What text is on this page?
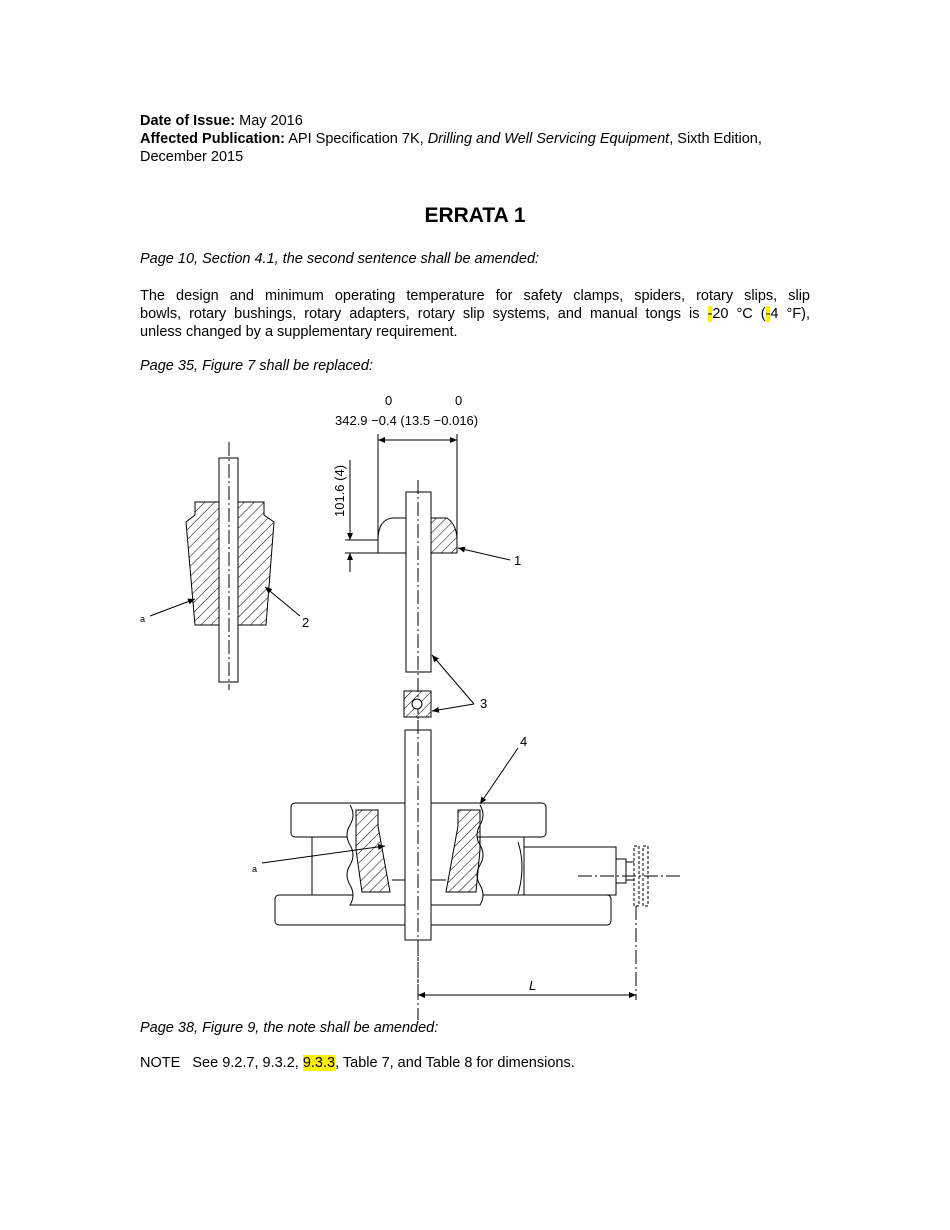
Date of Issue: May 2016
Affected Publication: API Specification 7K, Drilling and Well Servicing Equipment, Sixth Edition,
December 2015
ERRATA 1
Page 10, Section 4.1, the second sentence shall be amended:
The design and minimum operating temperature for safety clamps, spiders, rotary slips, slip
bowls, rotary bushings, rotary adapters, rotary slip systems, and manual tongs is -20 °C (-4 °F),
unless changed by a supplementary requirement.
Page 35, Figure 7 shall be replaced:
a	2
0	0
342.9 −0.4 (13.5 −0.016)
101.6 (4)
1
3
a
4
L
Page 38, Figure 9, the note shall be amended:
NOTE See 9.2.7, 9.3.2, 9.3.3, Table 7, and Table 8 for dimensions.
